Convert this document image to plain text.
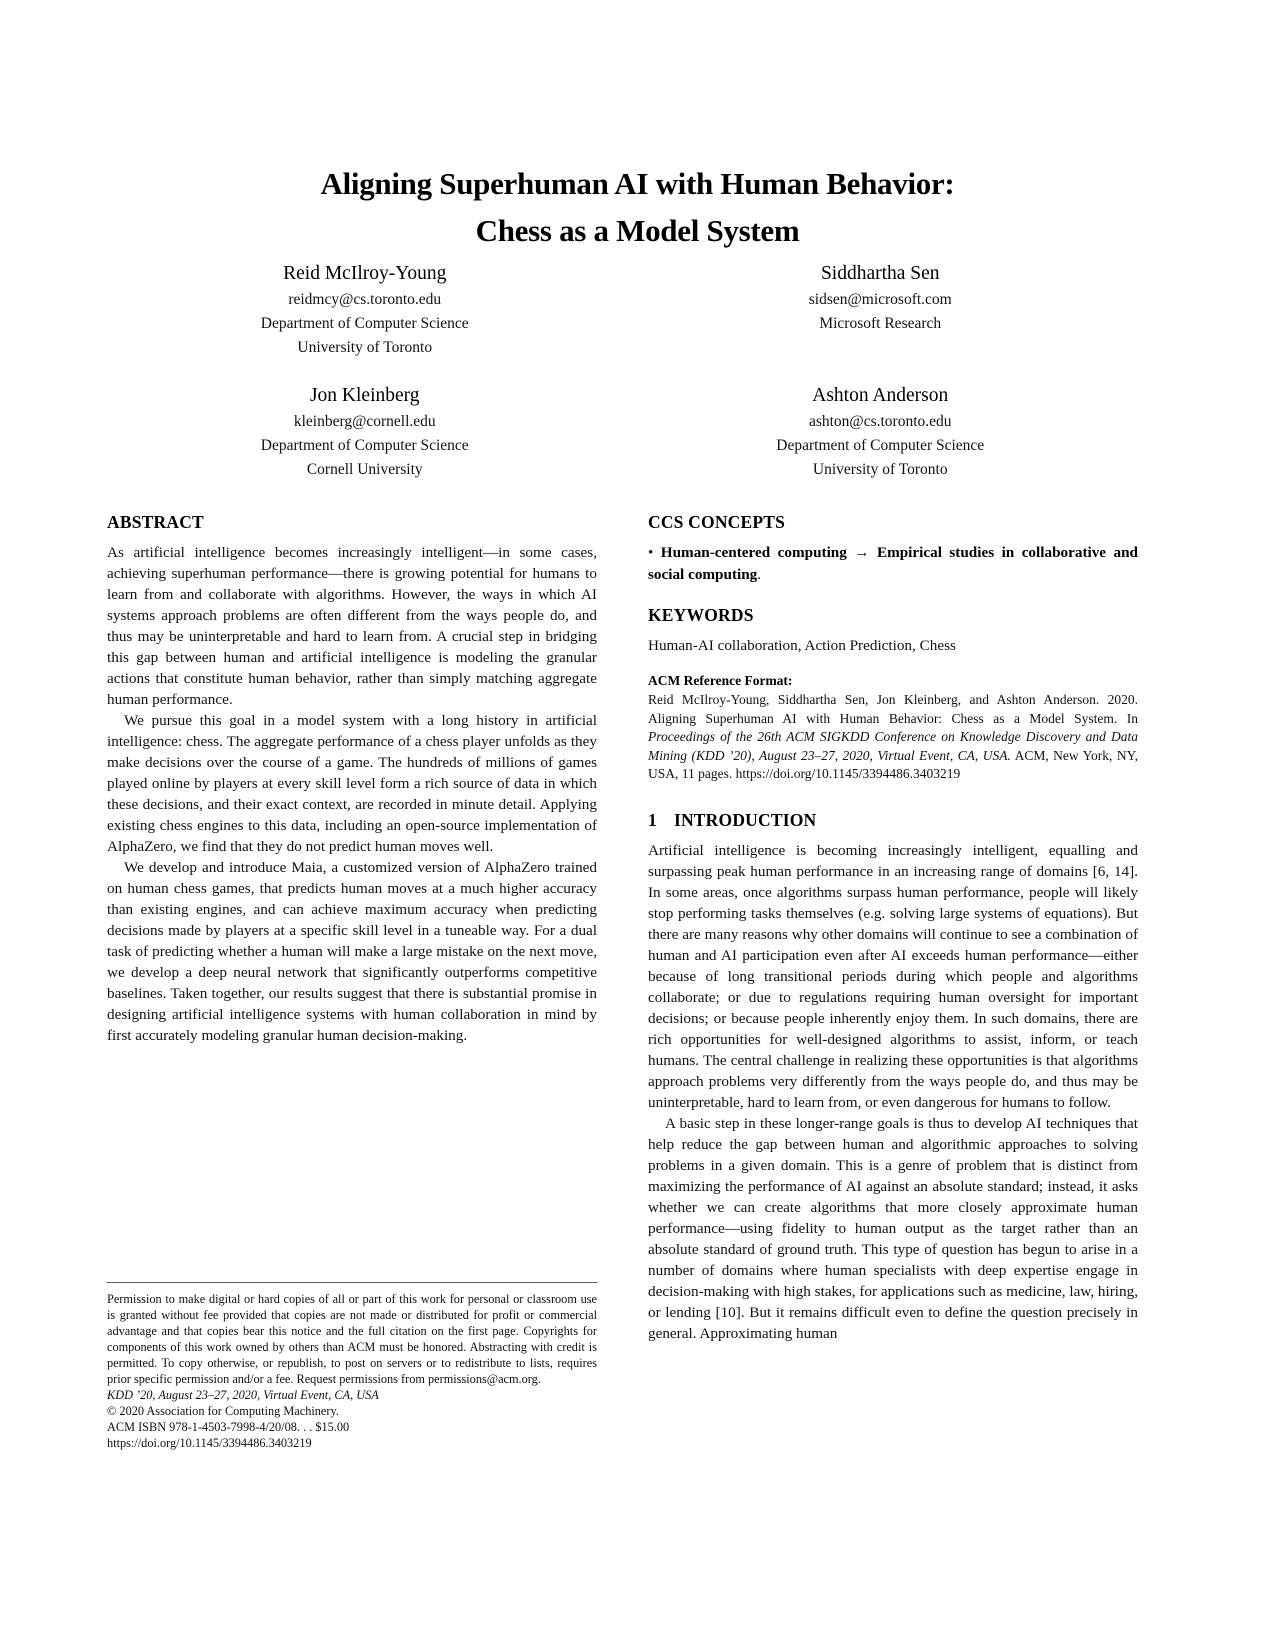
Aligning Superhuman AI with Human Behavior:
Chess as a Model System
Reid McIlroy-Young
reidmcy@cs.toronto.edu
Department of Computer Science
University of Toronto
Siddhartha Sen
sidsen@microsoft.com
Microsoft Research
Jon Kleinberg
kleinberg@cornell.edu
Department of Computer Science
Cornell University
Ashton Anderson
ashton@cs.toronto.edu
Department of Computer Science
University of Toronto
ABSTRACT

As artificial intelligence becomes increasingly intelligent—in some cases, achieving superhuman performance—there is growing potential for humans to learn from and collaborate with algorithms. However, the ways in which AI systems approach problems are often different from the ways people do, and thus may be uninterpretable and hard to learn from. A crucial step in bridging this gap between human and artificial intelligence is modeling the granular actions that constitute human behavior, rather than simply matching aggregate human performance.

We pursue this goal in a model system with a long history in artificial intelligence: chess. The aggregate performance of a chess player unfolds as they make decisions over the course of a game. The hundreds of millions of games played online by players at every skill level form a rich source of data in which these decisions, and their exact context, are recorded in minute detail. Applying existing chess engines to this data, including an open-source implementation of AlphaZero, we find that they do not predict human moves well.

We develop and introduce Maia, a customized version of AlphaZero trained on human chess games, that predicts human moves at a much higher accuracy than existing engines, and can achieve maximum accuracy when predicting decisions made by players at a specific skill level in a tuneable way. For a dual task of predicting whether a human will make a large mistake on the next move, we develop a deep neural network that significantly outperforms competitive baselines. Taken together, our results suggest that there is substantial promise in designing artificial intelligence systems with human collaboration in mind by first accurately modeling granular human decision-making.

CCS CONCEPTS

• Human-centered computing → Empirical studies in collaborative and social computing.

KEYWORDS

Human-AI collaboration, Action Prediction, Chess

ACM Reference Format:

Reid McIlroy-Young, Siddhartha Sen, Jon Kleinberg, and Ashton Anderson. 2020. Aligning Superhuman AI with Human Behavior: Chess as a Model System. In Proceedings of the 26th ACM SIGKDD Conference on Knowledge Discovery and Data Mining (KDD ’20), August 23–27, 2020, Virtual Event, CA, USA. ACM, New York, NY, USA, 11 pages. https://doi.org/10.1145/3394486.3403219

1 INTRODUCTION

Artificial intelligence is becoming increasingly intelligent, equalling and surpassing peak human performance in an increasing range of domains [6, 14]. In some areas, once algorithms surpass human performance, people will likely stop performing tasks themselves (e.g. solving large systems of equations). But there are many reasons why other domains will continue to see a combination of human and AI participation even after AI exceeds human performance—either because of long transitional periods during which people and algorithms collaborate; or due to regulations requiring human oversight for important decisions; or because people inherently enjoy them. In such domains, there are rich opportunities for well-designed algorithms to assist, inform, or teach humans. The central challenge in realizing these opportunities is that algorithms approach problems very differently from the ways people do, and thus may be uninterpretable, hard to learn from, or even dangerous for humans to follow.

A basic step in these longer-range goals is thus to develop AI techniques that help reduce the gap between human and algorithmic approaches to solving problems in a given domain. This is a genre of problem that is distinct from maximizing the performance of AI against an absolute standard; instead, it asks whether we can create algorithms that more closely approximate human performance—using fidelity to human output as the target rather than an absolute standard of ground truth. This type of question has begun to arise in a number of domains where human specialists with deep expertise engage in decision-making with high stakes, for applications such as medicine, law, hiring, or lending [10]. But it remains difficult even to define the question precisely in general. Approximating human

Permission to make digital or hard copies of all or part of this work for personal or classroom use is granted without fee provided that copies are not made or distributed for profit or commercial advantage and that copies bear this notice and the full citation on the first page. Copyrights for components of this work owned by others than ACM must be honored. Abstracting with credit is permitted. To copy otherwise, or republish, to post on servers or to redistribute to lists, requires prior specific permission and/or a fee. Request permissions from permissions@acm.org.

KDD ’20, August 23–27, 2020, Virtual Event, CA, USA

© 2020 Association for Computing Machinery.

ACM ISBN 978-1-4503-7998-4/20/08. . . $15.00

https://doi.org/10.1145/3394486.3403219
